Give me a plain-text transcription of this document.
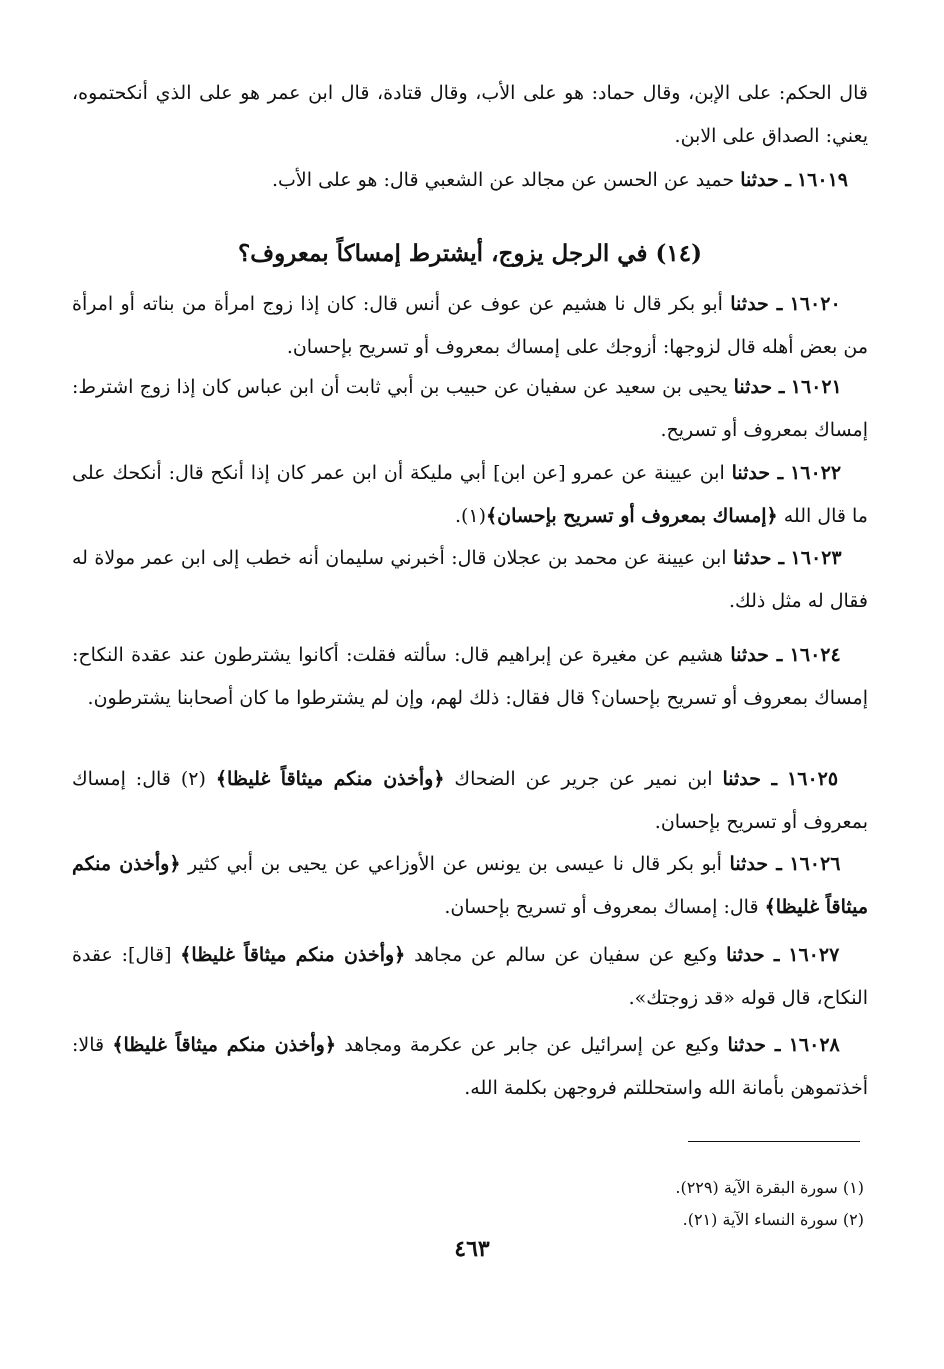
قال الحكم: على الإبن، وقال حماد: هو على الأب، وقال قتادة، قال ابن عمر هو على الذي أنكحتموه، يعني: الصداق على الابن.
١٦٠١٩ ـ حدثنا حميد عن الحسن عن مجالد عن الشعبي قال: هو على الأب.
(١٤) في الرجل يزوج، أيشترط إمساكاً بمعروف؟
١٦٠٢٠ ـ حدثنا أبو بكر قال نا هشيم عن عوف عن أنس قال: كان إذا زوج امرأة من بناته أو امرأة من بعض أهله قال لزوجها: أزوجك على إمساك بمعروف أو تسريح بإحسان.
١٦٠٢١ ـ حدثنا يحيى بن سعيد عن سفيان عن حبيب بن أبي ثابت أن ابن عباس كان إذا زوج اشترط: إمساك بمعروف أو تسريح.
١٦٠٢٢ ـ حدثنا ابن عيينة عن عمرو [عن ابن] أبي مليكة أن ابن عمر كان إذا أنكح قال: أنكحك على ما قال الله ﴿إمساك بمعروف أو تسريح بإحسان﴾(١).
١٦٠٢٣ ـ حدثنا ابن عيينة عن محمد بن عجلان قال: أخبرني سليمان أنه خطب إلى ابن عمر مولاة له فقال له مثل ذلك.
١٦٠٢٤ ـ حدثنا هشيم عن مغيرة عن إبراهيم قال: سألته فقلت: أكانوا يشترطون عند عقدة النكاح: إمساك بمعروف أو تسريح بإحسان؟ قال فقال: ذلك لهم، وإن لم يشترطوا ما كان أصحابنا يشترطون.
١٦٠٢٥ ـ حدثنا ابن نمير عن جرير عن الضحاك ﴿وأخذن منكم ميثاقاً غليظا﴾ (٢) قال: إمساك بمعروف أو تسريح بإحسان.
١٦٠٢٦ ـ حدثنا أبو بكر قال نا عيسى بن يونس عن الأوزاعي عن يحيى بن أبي كثير ﴿وأخذن منكم ميثاقاً غليظا﴾ قال: إمساك بمعروف أو تسريح بإحسان.
١٦٠٢٧ ـ حدثنا وكيع عن سفيان عن سالم عن مجاهد ﴿وأخذن منكم ميثاقاً غليظا﴾ [قال]: عقدة النكاح، قال قوله «قد زوجتك».
١٦٠٢٨ ـ حدثنا وكيع عن إسرائيل عن جابر عن عكرمة ومجاهد ﴿وأخذن منكم ميثاقاً غليظا﴾ قالا: أخذتموهن بأمانة الله واستحللتم فروجهن بكلمة الله.
(١) سورة البقرة الآية (٢٢٩).
(٢) سورة النساء الآية (٢١).
٤٦٣
